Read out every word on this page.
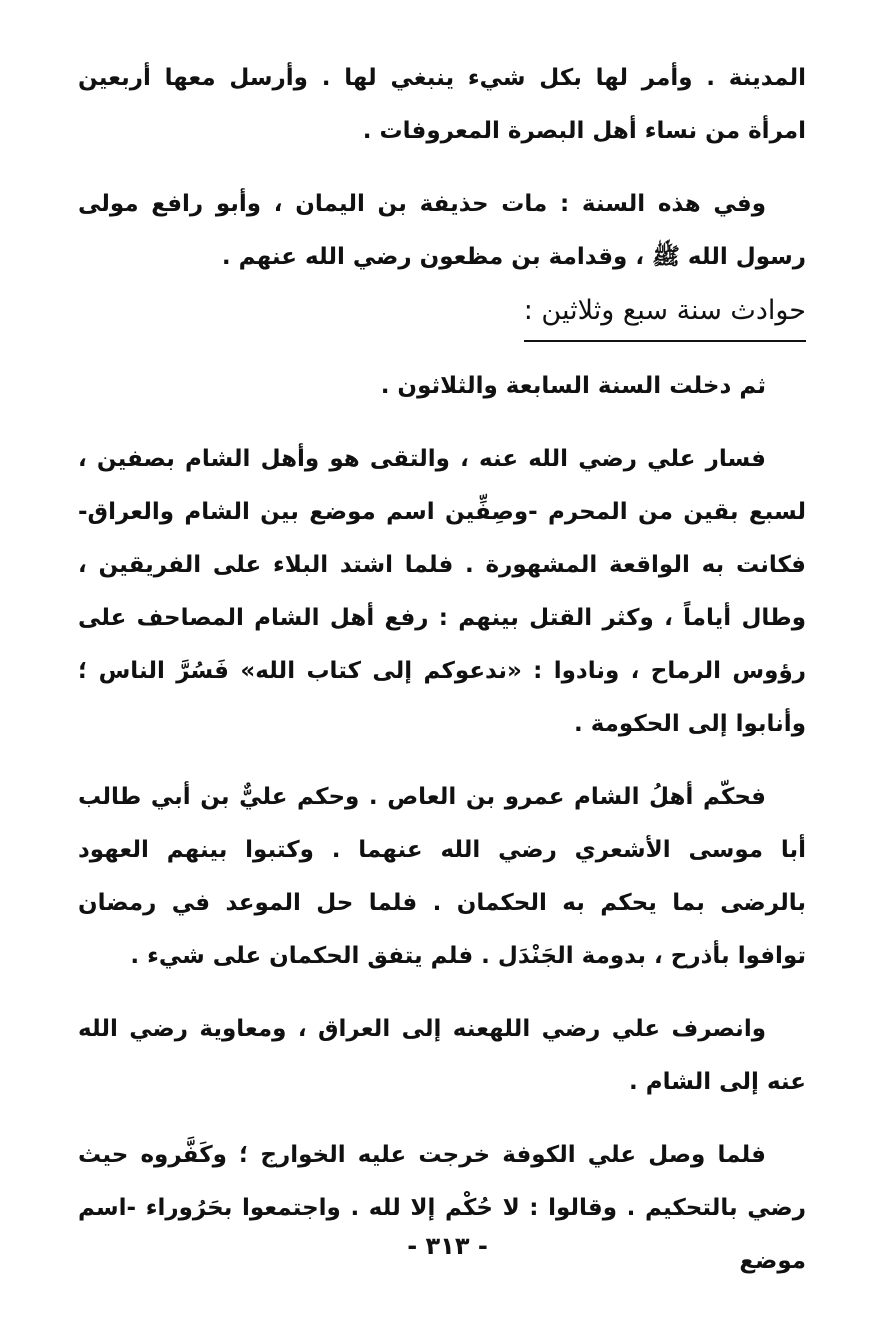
المدينة . وأمر لها بكل شيء ينبغي لها . وأرسل معها أربعين امرأة من نساء أهل البصرة المعروفات .

وفي هذه السنة : مات حذيفة بن اليمان ، وأبو رافع مولى رسول الله ﷺ ، وقدامة بن مظعون رضي الله عنهم .

حوادث سنة سبع وثلاثين :

ثم دخلت السنة السابعة والثلاثون .

فسار علي رضي الله عنه ، والتقى هو وأهل الشام بصفين ، لسبع بقين من المحرم -وصِفِّين اسم موضع بين الشام والعراق- فكانت به الواقعة المشهورة . فلما اشتد البلاء على الفريقين ، وطال أياماً ، وكثر القتل بينهم : رفع أهل الشام المصاحف على رؤوس الرماح ، ونادوا : «ندعوكم إلى كتاب الله» فَسُرَّ الناس ؛ وأنابوا إلى الحكومة .

فحكّم أهلُ الشام عمرو بن العاص . وحكم عليٌّ بن أبي طالب أبا موسى الأشعري رضي الله عنهما . وكتبوا بينهم العهود بالرضى بما يحكم به الحكمان . فلما حل الموعد في رمضان توافوا بأذرح ، بدومة الجَنْدَل . فلم يتفق الحكمان على شيء .

وانصرف علي رضي اللهعنه إلى العراق ، ومعاوية رضي الله عنه إلى الشام .

فلما وصل علي الكوفة خرجت عليه الخوارج ؛ وكَفَّروه حيث رضي بالتحكيم . وقالوا : لا حُكْم إلا لله . واجتمعوا بحَرُوراء -اسم موضع

- ٣١٣ -
